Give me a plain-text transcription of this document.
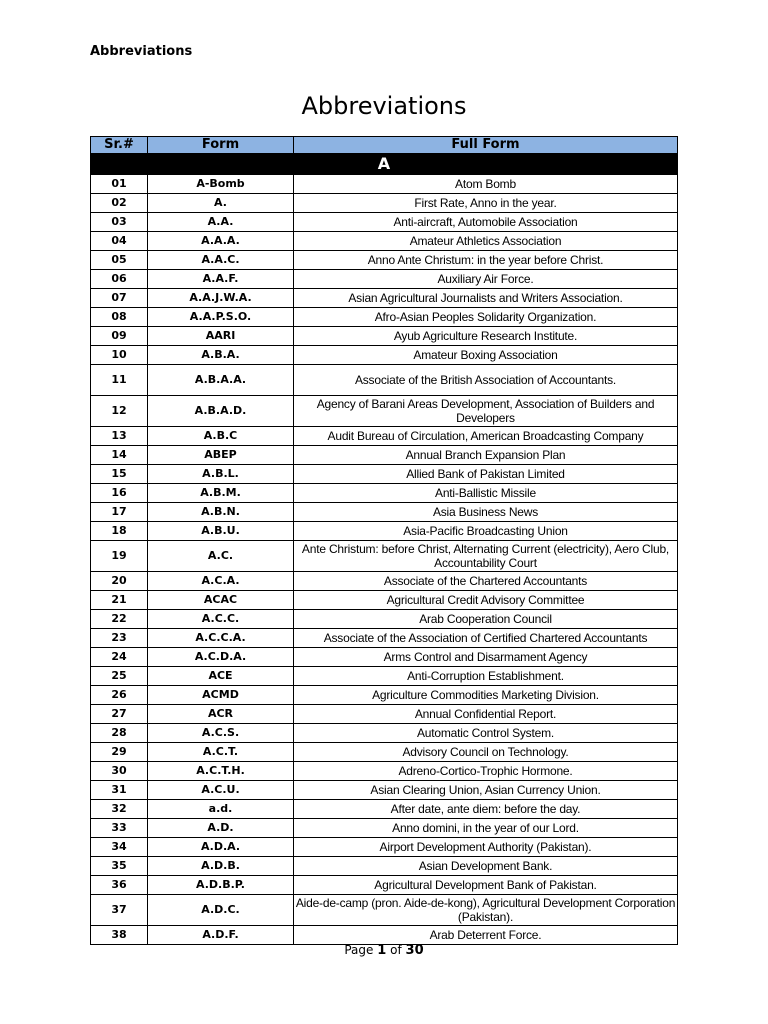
Abbreviations
Abbreviations
Sr.#	Form	Full Form
A		
01	A-Bomb	Atom Bomb
02	A.	First Rate, Anno in the year.
03	A.A.	Anti-aircraft, Automobile Association
04	A.A.A.	Amateur Athletics Association
05	A.A.C.	Anno Ante Christum: in the year before Christ.
06	A.A.F.	Auxiliary Air Force.
07	A.A.J.W.A.	Asian Agricultural Journalists and Writers Association.
08	A.A.P.S.O.	Afro-Asian Peoples Solidarity Organization.
09	AARI	Ayub Agriculture Research Institute.
10	A.B.A.	Amateur Boxing Association
11	A.B.A.A.	Associate of the British Association of Accountants.
12	A.B.A.D.	Agency of Barani Areas Development, Association of Builders and Developers
13	A.B.C	Audit Bureau of Circulation, American Broadcasting Company
14	ABEP	Annual Branch Expansion Plan
15	A.B.L.	Allied Bank of Pakistan Limited
16	A.B.M.	Anti-Ballistic Missile
17	A.B.N.	Asia Business News
18	A.B.U.	Asia-Pacific Broadcasting Union
19	A.C.	Ante Christum: before Christ, Alternating Current (electricity), Aero Club, Accountability Court
20	A.C.A.	Associate of the Chartered Accountants
21	ACAC	Agricultural Credit Advisory Committee
22	A.C.C.	Arab Cooperation Council
23	A.C.C.A.	Associate of the Association of Certified Chartered Accountants
24	A.C.D.A.	Arms Control and Disarmament Agency
25	ACE	Anti-Corruption Establishment.
26	ACMD	Agriculture Commodities Marketing Division.
27	ACR	Annual Confidential Report.
28	A.C.S.	Automatic Control System.
29	A.C.T.	Advisory Council on Technology.
30	A.C.T.H.	Adreno-Cortico-Trophic Hormone.
31	A.C.U.	Asian Clearing Union, Asian Currency Union.
32	a.d.	After date, ante diem: before the day.
33	A.D.	Anno domini, in the year of our Lord.
34	A.D.A.	Airport Development Authority (Pakistan).
35	A.D.B.	Asian Development Bank.
36	A.D.B.P.	Agricultural Development Bank of Pakistan.
37	A.D.C.	Aide-de-camp (pron. Aide-de-kong), Agricultural Development Corporation (Pakistan).
38	A.D.F.	Arab Deterrent Force.
Page 1 of 30
